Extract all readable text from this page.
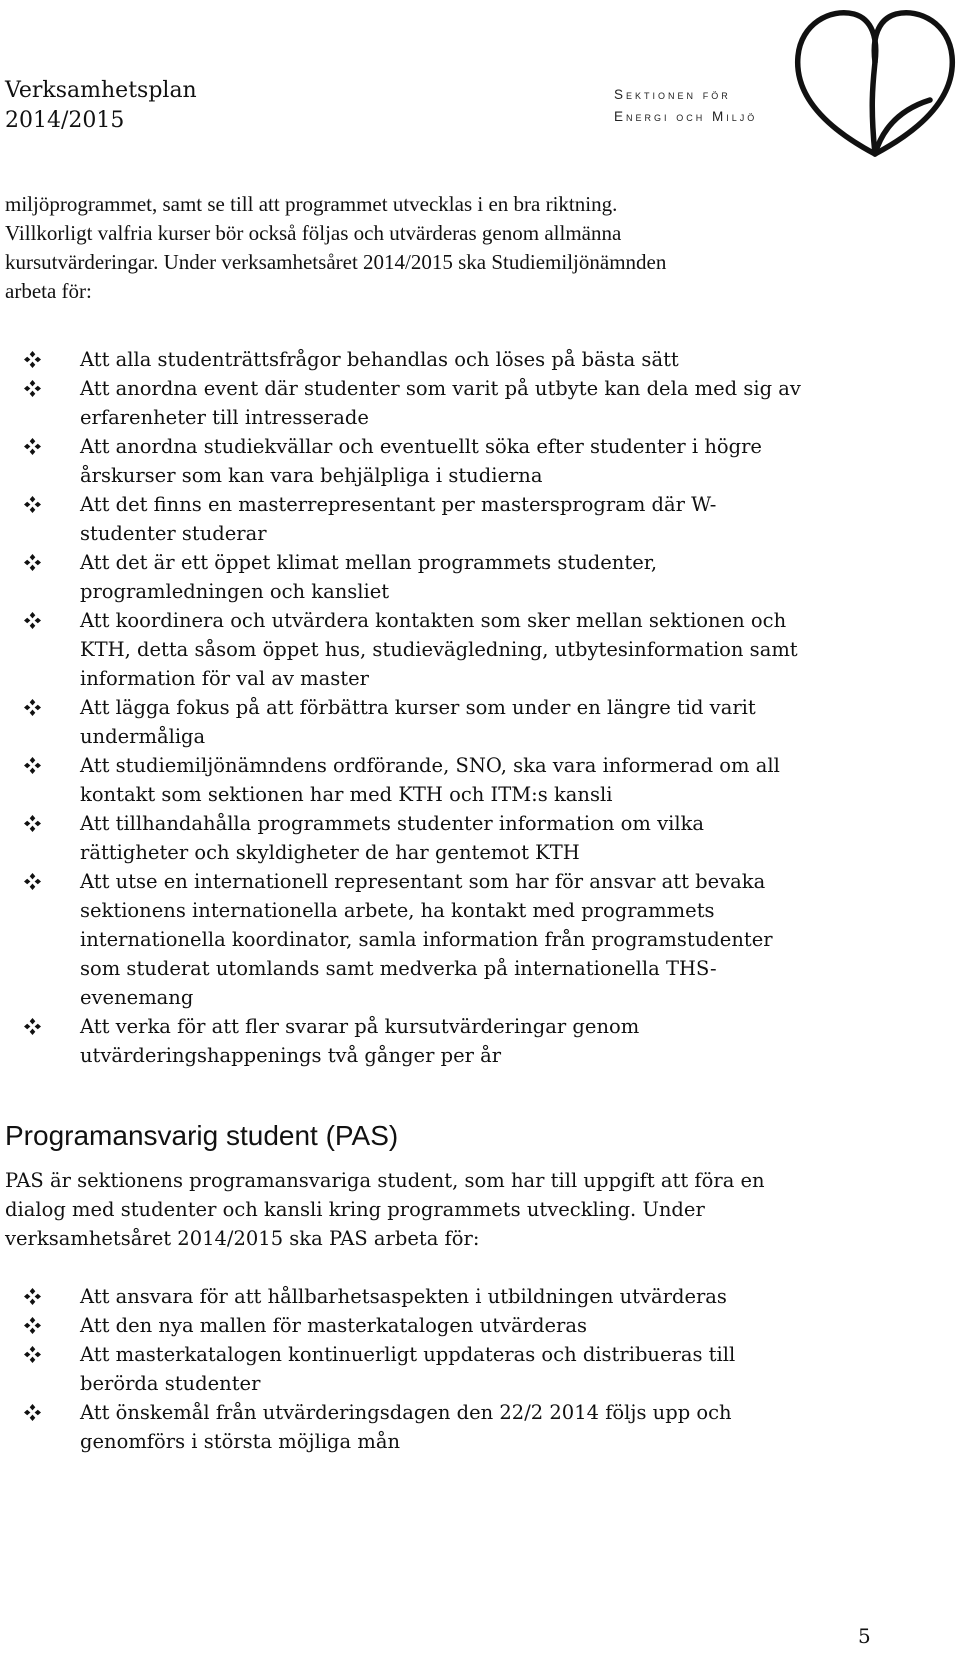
Verksamhetsplan
2014/2015
Sektionen för
Energi och Miljö
miljöprogrammet, samt se till att programmet utvecklas i en bra riktning.
Villkorligt valfria kurser bör också följas och utvärderas genom allmänna
kursutvärderingar. Under verksamhetsåret 2014/2015 ska Studiemiljönämnden
arbeta för:
Att alla studenträttsfrågor behandlas och löses på bästa sätt
Att anordna event där studenter som varit på utbyte kan dela med sig av
erfarenheter till intresserade
Att anordna studiekvällar och eventuellt söka efter studenter i högre
årskurser som kan vara behjälpliga i studierna
Att det finns en masterrepresentant per mastersprogram där W-
studenter studerar
Att det är ett öppet klimat mellan programmets studenter,
programledningen och kansliet
Att koordinera och utvärdera kontakten som sker mellan sektionen och
KTH, detta såsom öppet hus, studievägledning, utbytesinformation samt
information för val av master
Att lägga fokus på att förbättra kurser som under en längre tid varit
undermåliga
Att studiemiljönämndens ordförande, SNO, ska vara informerad om all
kontakt som sektionen har med KTH och ITM:s kansli
Att tillhandahålla programmets studenter information om vilka
rättigheter och skyldigheter de har gentemot KTH
Att utse en internationell representant som har för ansvar att bevaka
sektionens internationella arbete, ha kontakt med programmets
internationella koordinator, samla information från programstudenter
som studerat utomlands samt medverka på internationella THS-
evenemang
Att verka för att fler svarar på kursutvärderingar genom
utvärderingshappenings två gånger per år
Programansvarig student (PAS)
PAS är sektionens programansvariga student, som har till uppgift att föra en
dialog med studenter och kansli kring programmets utveckling. Under
verksamhetsåret 2014/2015 ska PAS arbeta för:
Att ansvara för att hållbarhetsaspekten i utbildningen utvärderas
Att den nya mallen för masterkatalogen utvärderas
Att masterkatalogen kontinuerligt uppdateras och distribueras till
berörda studenter
Att önskemål från utvärderingsdagen den 22/2 2014 följs upp och
genomförs i största möjliga mån
5
